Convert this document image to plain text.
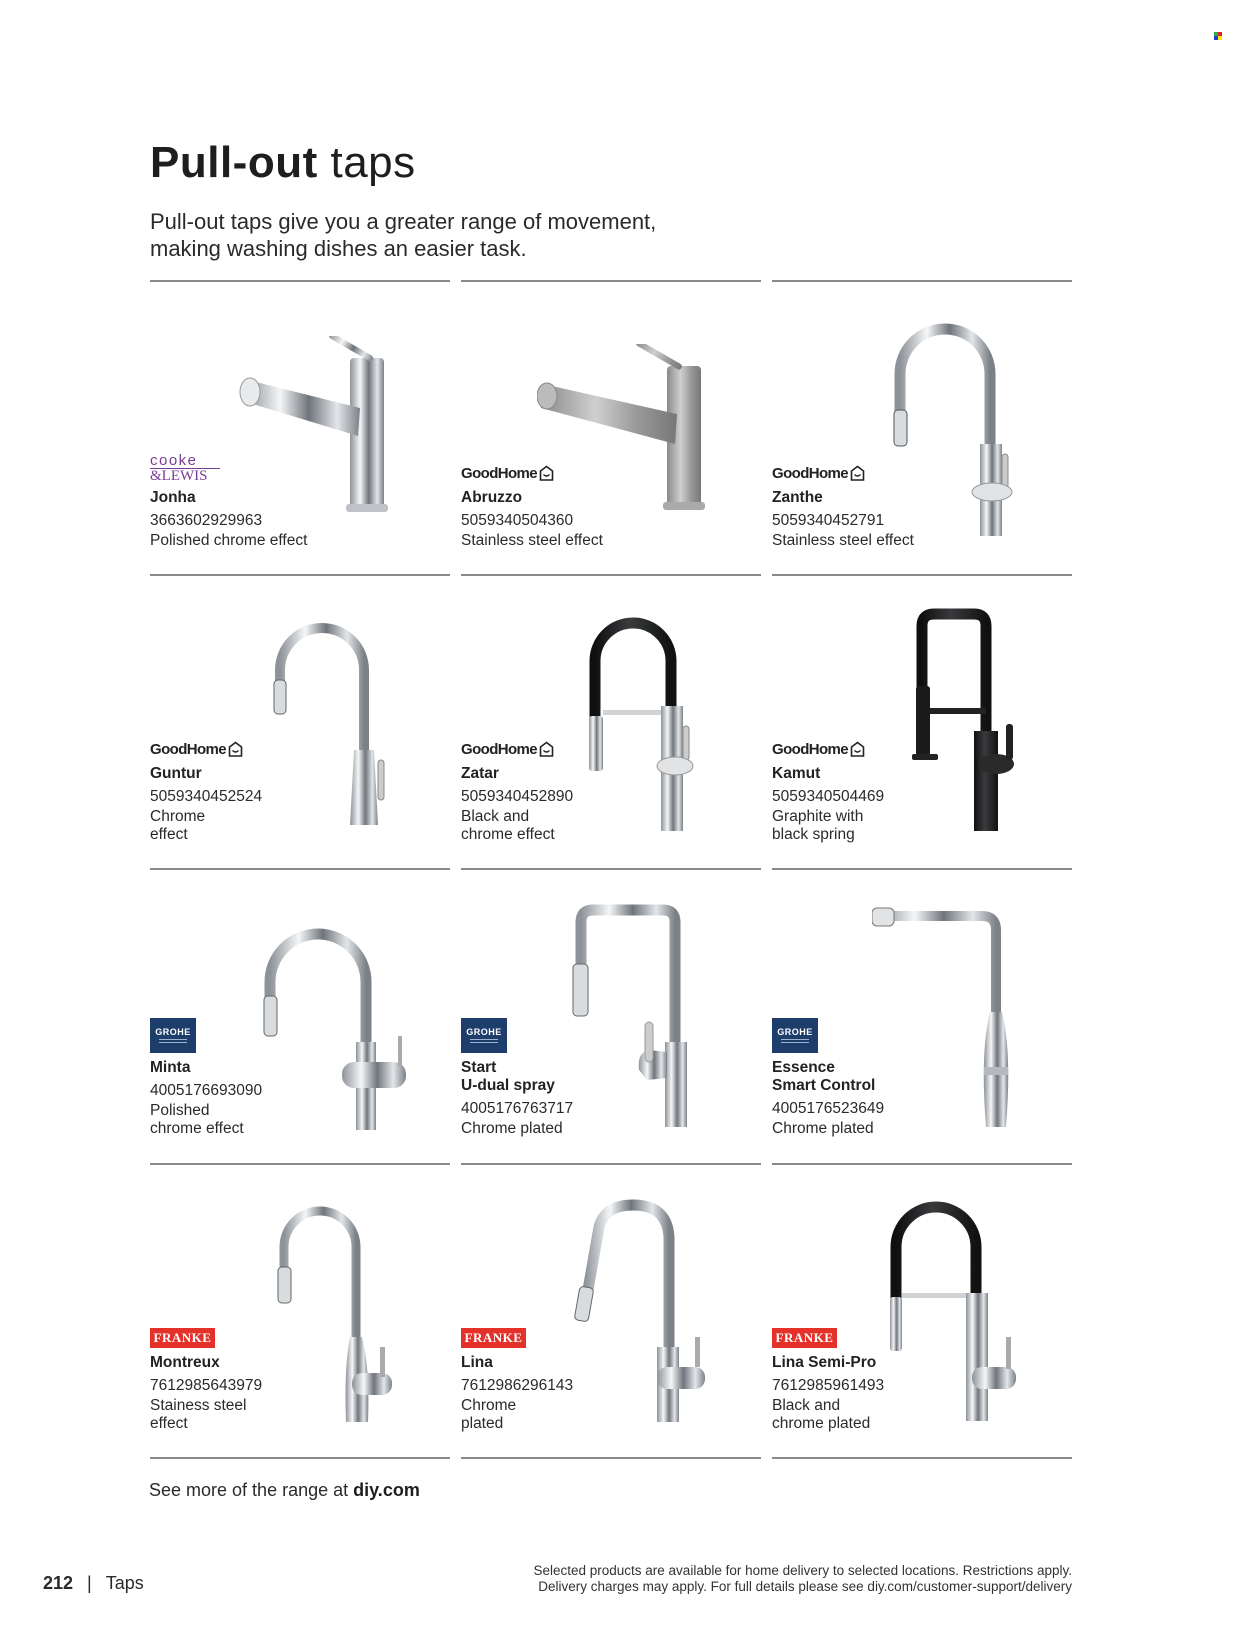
Pull-out taps
Pull-out taps give you a greater range of movement,
making washing dishes an easier task.
cooke
&LEWIS
Jonha
3663602929963
Polished chrome effect
GoodHome
Abruzzo
5059340504360
Stainless steel effect
GoodHome
Zanthe
5059340452791
Stainless steel effect
GoodHome
Guntur
5059340452524
Chrome
effect
GoodHome
Zatar
5059340452890
Black and
chrome effect
GoodHome
Kamut
5059340504469
Graphite with
black spring
GROHE
Minta
4005176693090
Polished
chrome effect
GROHE
Start
U-dual spray
4005176763717
Chrome plated
GROHE
Essence
Smart Control
4005176523649
Chrome plated
FRANKE
Montreux
7612985643979
Stainess steel
effect
FRANKE
Lina
7612986296143
Chrome
plated
FRANKE
Lina Semi-Pro
7612985961493
Black and
chrome plated
See more of the range at diy.com
212 | Taps
Selected products are available for home delivery to selected locations. Restrictions apply.
Delivery charges may apply. For full details please see diy.com/customer-support/delivery
